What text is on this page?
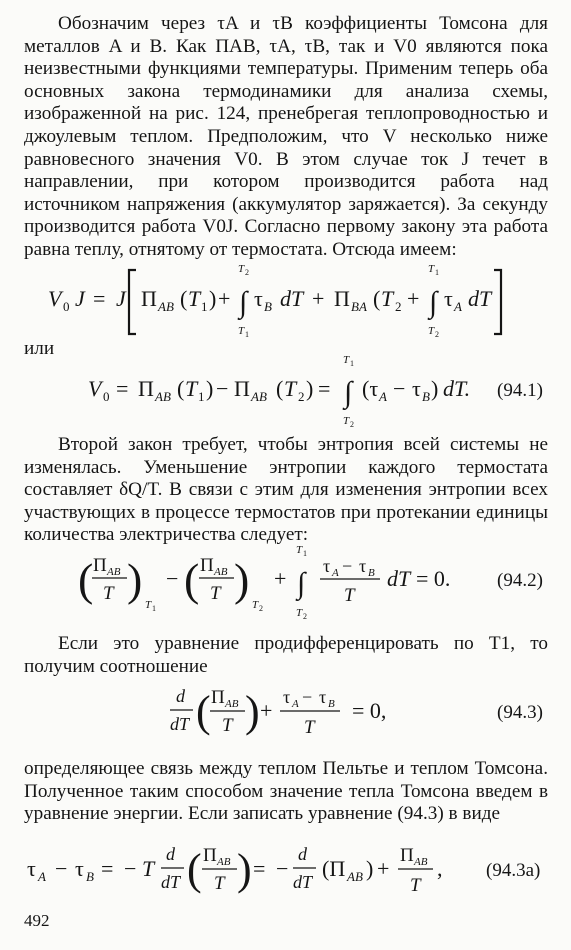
Обозначим через τA и τB коэффициенты Томсона для металлов A и B. Как ΠAB, τA, τB, так и V0 являются пока неизвестными функциями температуры. Применим теперь оба основных закона термодинамики для анализа схемы, изображенной на рис. 124, пренебрегая теплопроводностью и джоулевым теплом. Предположим, что V несколько ниже равновесного значения V0. В этом случае ток J течет в направлении, при котором производится работа над источником напряжения (аккумулятор заряжается). За секунду производится работа V0J. Согласно первому закону эта работа равна теплу, отнятому от термостата. Отсюда имеем:

V 0 J = J Π AB ( T 1 ) +
T 2
∫
T 1
τ B dT + Π BA ( T 2 +
T 1
∫
T 2
τ A dT

или

V 0 = Π AB ( T 1 ) − Π AB ( T 2 ) =
T 1
∫
T 2
(τ A − τ B ) dT. (94.1)

Второй закон требует, чтобы энтропия всей системы не изменялась. Уменьшение энтропии каждого термостата составляет δQ/T. В связи с этим для изменения энтропии всех участвующих в процессе термостатов при протекании единицы количества электричества следует:

( Π AB
T ) T 1
− ( Π AB
T ) T 2
+
T 1
∫
T 2
τ A − τ B
T
dT = 0. (94.2)

Если это уравнение продифференцировать по T1, то получим соотношение

d
dT ( Π AB
T ) +
τ A − τ B
T
= 0,	(94.3)

определяющее связь между теплом Пельтье и теплом Томсона. Полученное таким способом значение тепла Томсона введем в уравнение энергии. Если записать уравнение (94.3) в виде

τ A − τ B = − T
d
dT ( Π AB
T ) = −
d
dT
(Π AB ) +
Π AB
T
, (94.3а)

492
